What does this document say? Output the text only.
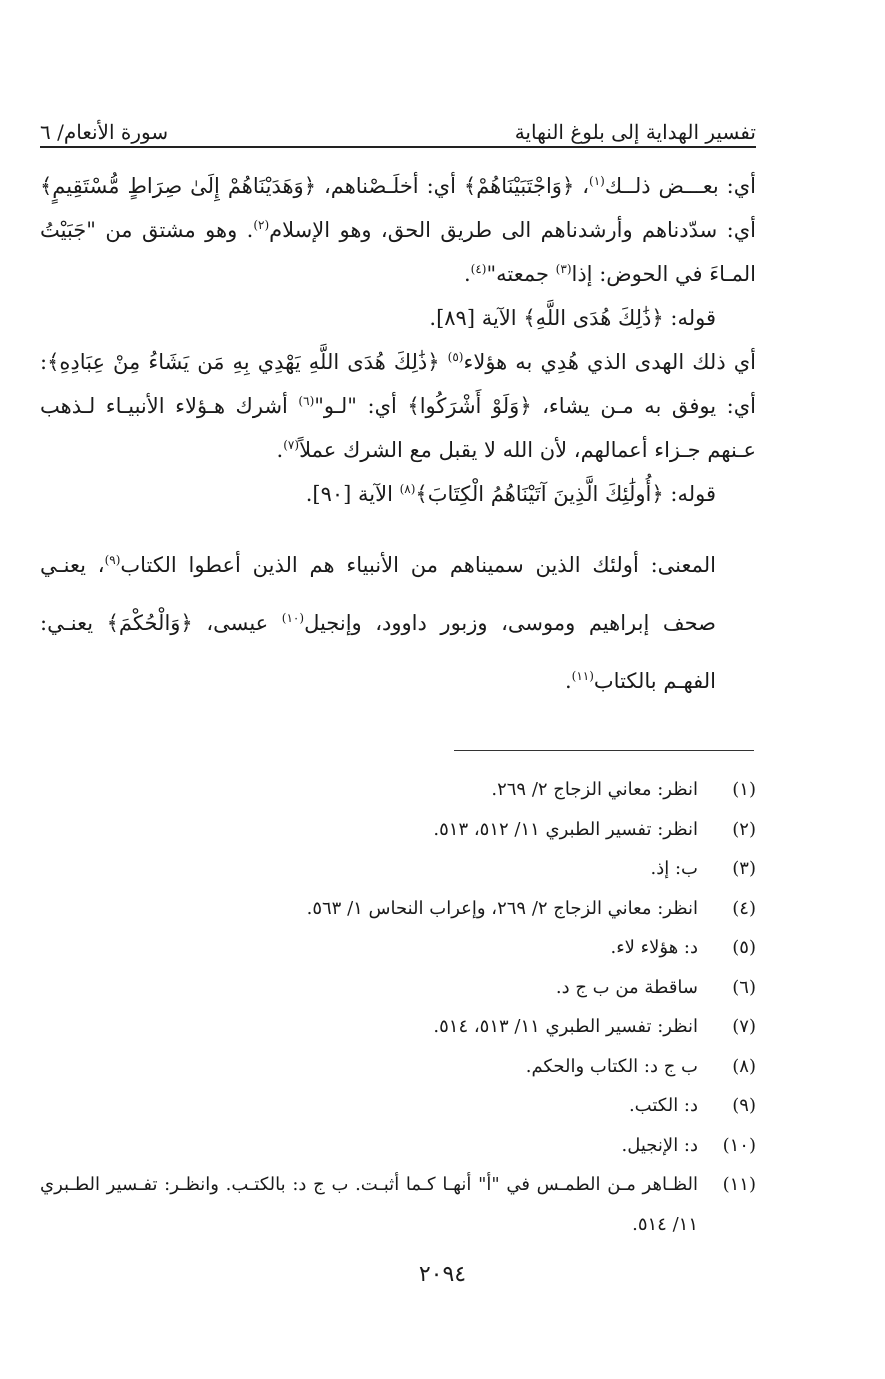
تفسير الهداية إلى بلوغ النهاية
سورة الأنعام/ ٦

أي: بعـــض ذلــك$^{(١)}$، ﴿وَاجْتَبَيْنَاهُمْ﴾ أي: أخلَـصْناهم، ﴿وَهَدَيْنَاهُمْ إِلَىٰ صِرَاطٍ مُّسْتَقِيمٍ﴾ أي: سدّدناهم وأرشدناهم الى طريق الحق، وهو الإسلام$^{(٢)}$. وهو مشتق من "جَبَيْتُ المـاءَ في الحوض: إذا$^{(٣)}$ جمعته"$^{(٤)}$.

قوله: ﴿ذَٰلِكَ هُدَى اللَّهِ﴾ الآية [٨٩].

أي ذلك الهدى الذي هُدِي به هؤلاء$^{(٥)}$ ﴿ذَٰلِكَ هُدَى اللَّهِ يَهْدِي بِهِ مَن يَشَاءُ مِنْ عِبَادِهِ﴾: أي: يوفق به مـن يشاء، ﴿وَلَوْ أَشْرَكُوا﴾ أي: "لـو"$^{(٦)}$ أشرك هـؤلاء الأنبيـاء لـذهب عـنهم جـزاء أعمالهم، لأن الله لا يقبل مع الشرك عملاً$^{(٧)}$.

قوله: ﴿أُولَٰئِكَ الَّذِينَ آتَيْنَاهُمُ الْكِتَابَ﴾$^{(٨)}$ الآية [٩٠].

المعنى: أولئك الذين سميناهم من الأنبياء هم الذين أعطوا الكتاب$^{(٩)}$، يعنـي صحف إبراهيم وموسى، وزبور داوود، وإنجيل$^{(١٠)}$ عيسى، ﴿وَالْحُكْمَ﴾ يعنـي: الفهـم بالكتاب$^{(١١)}$.

(١)
انظر: معاني الزجاج ٢/ ٢٦٩.
(٢)
انظر: تفسير الطبري ١١/ ٥١٢، ٥١٣.
(٣)
ب: إذ.
(٤)
انظر: معاني الزجاج ٢/ ٢٦٩، وإعراب النحاس ١/ ٥٦٣.
(٥)
د: هؤلاء لاء.
(٦)
ساقطة من ب ج د.
(٧)
انظر: تفسير الطبري ١١/ ٥١٣، ٥١٤.
(٨)
ب ج د: الكتاب والحكم.
(٩)
د: الكتب.
(١٠)
د: الإنجيل.
(١١)
الظـاهر مـن الطمـس في "أ" أنهـا كـما أثبـت. ب ج د: بالكتـب. وانظـر: تفـسير الطـبري ١١/ ٥١٤.
٢٠٩٤
